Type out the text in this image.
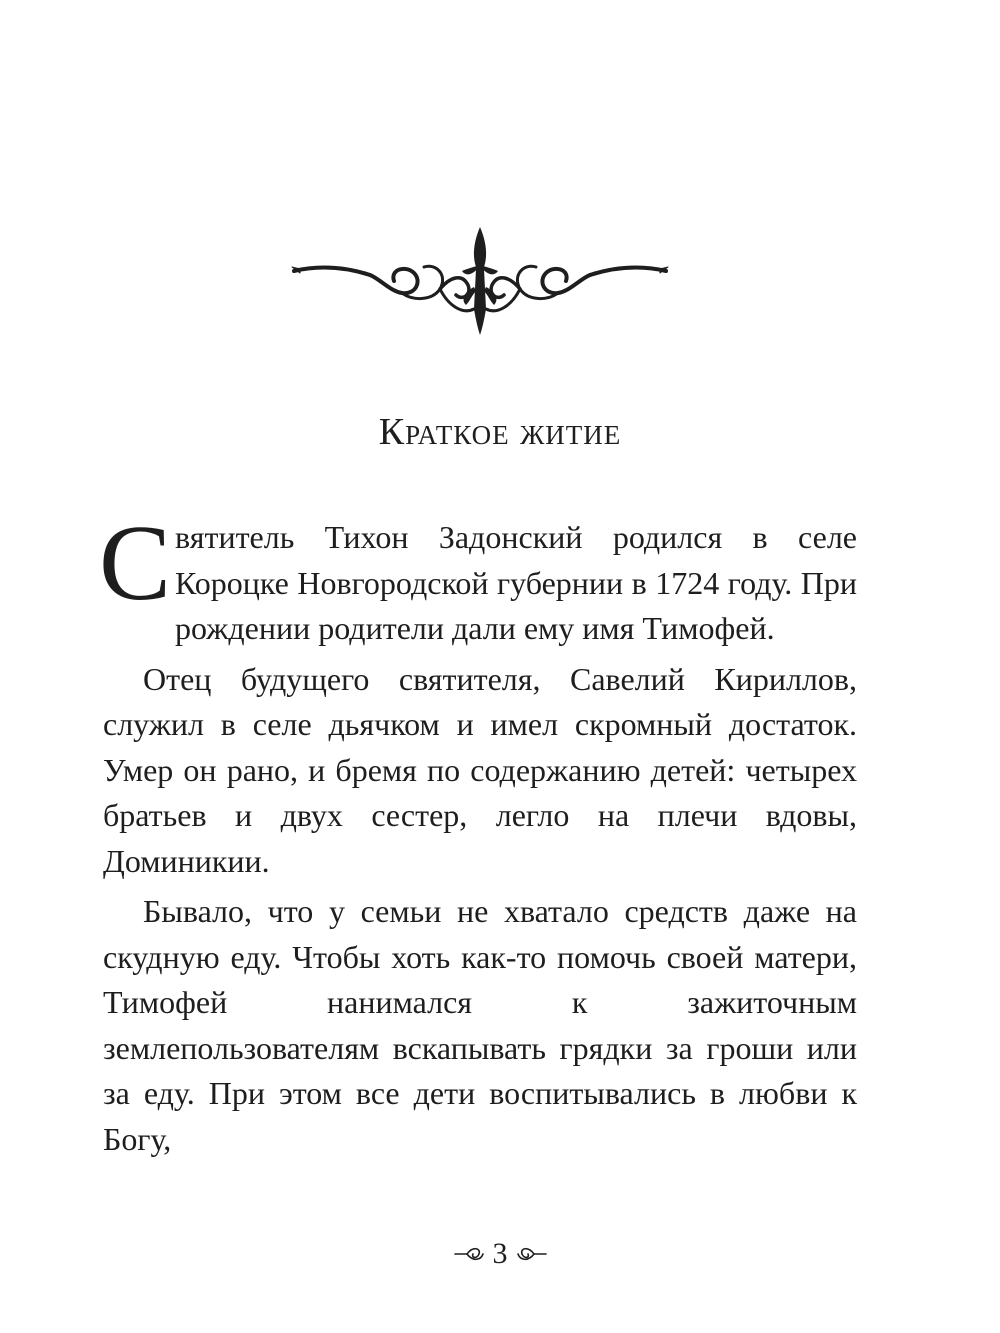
Краткое житие

Святитель Тихон Задонский родился в селе Короцке Новгородской губернии в 1724 году. При рождении родители дали ему имя Тимофей.

Отец будущего святителя, Савелий Кириллов, служил в селе дьячком и имел скромный достаток. Умер он рано, и бремя по содержанию детей: четырех братьев и двух сестер, легло на плечи вдовы, Доминикии.

Бывало, что у семьи не хватало средств даже на скудную еду. Чтобы хоть как-то помочь своей матери, Тимофей нанимался к зажиточным землепользователям вскапывать грядки за гроши или за еду. При этом все дети воспитывались в любви к Богу,

3
